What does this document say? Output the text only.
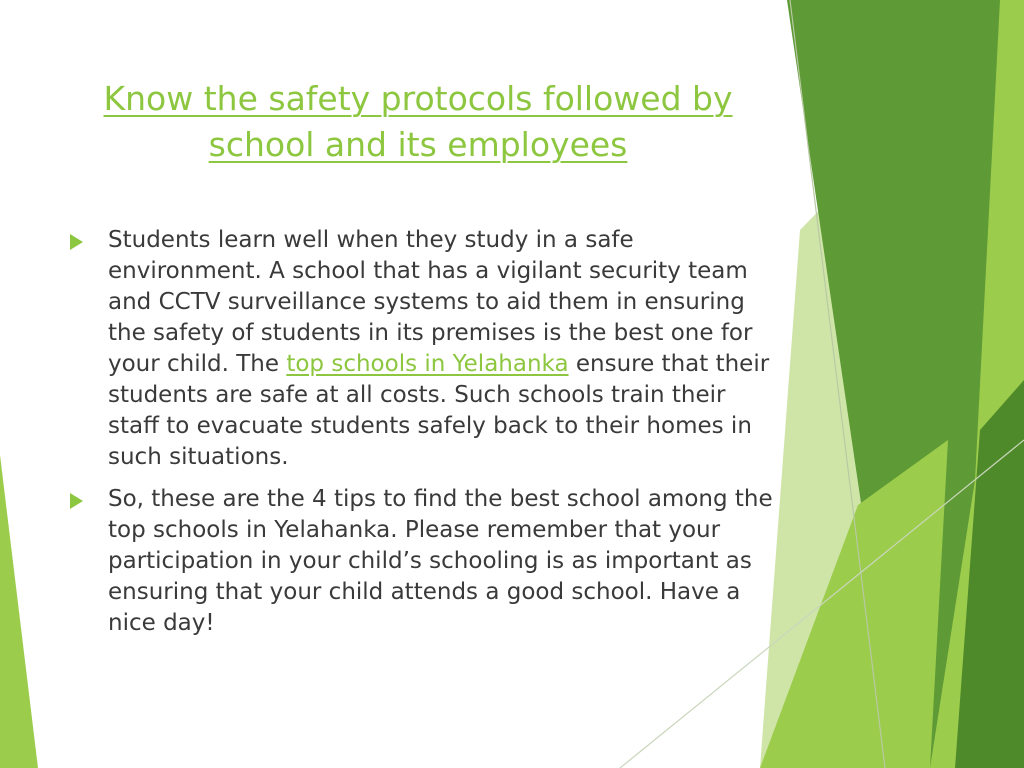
Know the safety protocols followed by school and its employees
Students learn well when they study in a safe environment. A school that has a vigilant security team and CCTV surveillance systems to aid them in ensuring the safety of students in its premises is the best one for your child. The top schools in Yelahanka ensure that their students are safe at all costs. Such schools train their staff to evacuate students safely back to their homes in such situations.
So, these are the 4 tips to find the best school among the top schools in Yelahanka. Please remember that your participation in your child’s schooling is as important as ensuring that your child attends a good school. Have a nice day!
